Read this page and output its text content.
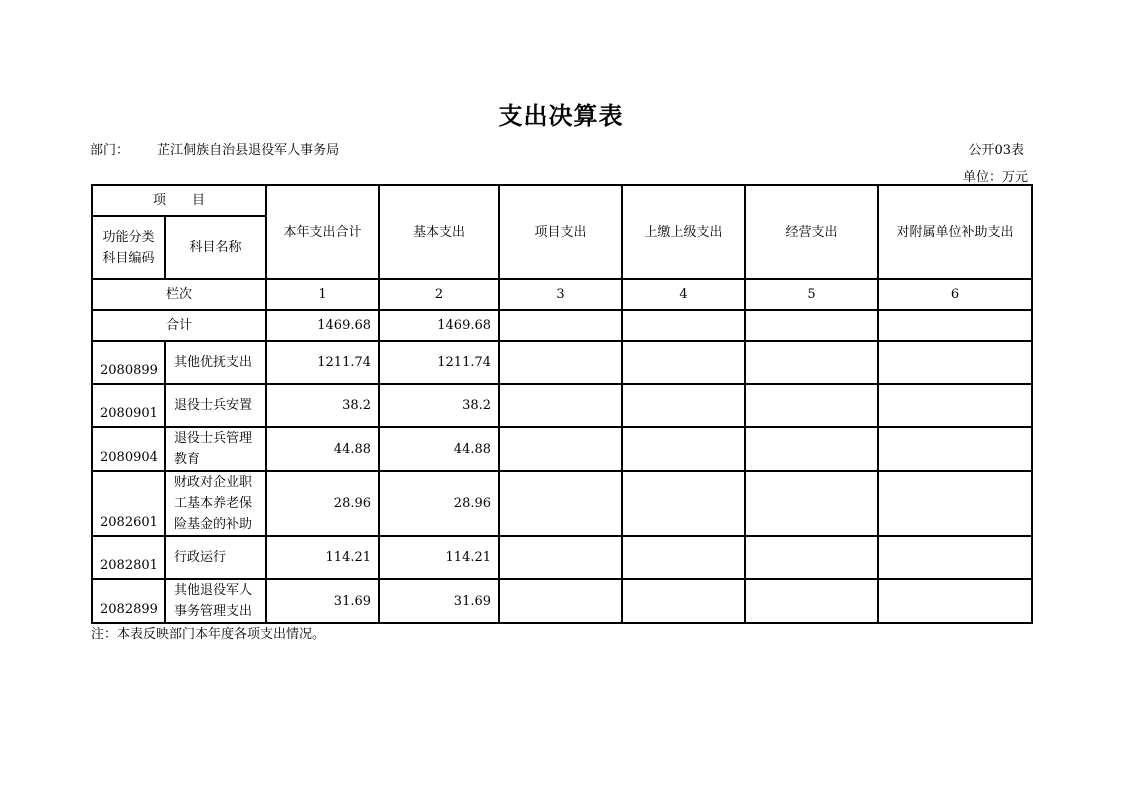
支出决算表
部门： 芷江侗族自治县退役军人事务局	公开03表
单位：万元
项　　目		本年支出合计	基本支出	项目支出	上缴上级支出	经营支出	对附属单位补助支出
功能分类科目编码	科目名称						
栏次		1	2	3	4	5	6
合计		1469.68	1469.68				
2080899	其他优抚支出	1211.74	1211.74				
2080901	退役士兵安置	38.2	38.2				
2080904	退役士兵管理教育	44.88	44.88				
2082601	财政对企业职工基本养老保险基金的补助	28.96	28.96				
2082801	行政运行	114.21	114.21				
2082899	其他退役军人事务管理支出	31.69	31.69				
注：本表反映部门本年度各项支出情况。
